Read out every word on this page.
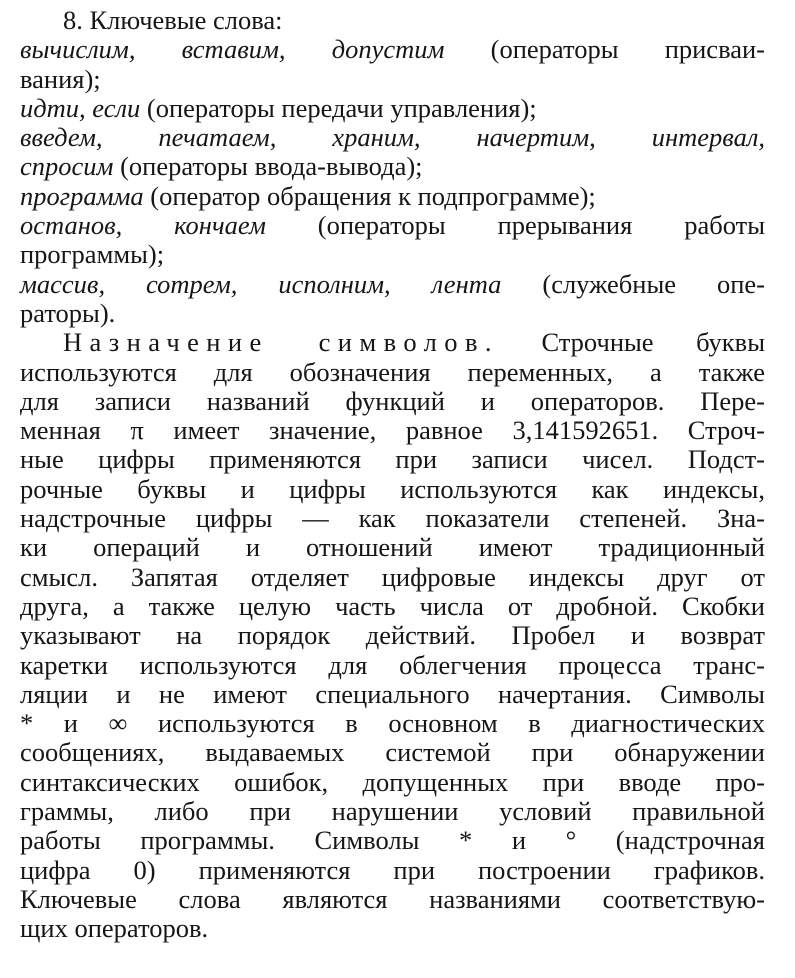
8. Ключевые слова:
вычислим, вставим, допустим (операторы присваи-
вания);
идти, если (операторы передачи управления);
введем, печатаем, храним, начертим, интервал,
спросим (операторы ввода-вывода);
программа (оператор обращения к подпрограмме);
останов, кончаем (операторы прерывания работы
программы);
массив, сотрем, исполним, лента (служебные опе-
раторы).
Назначение символов. Строчные буквы
используются для обозначения переменных, а также
для записи названий функций и операторов. Пере-
менная π имеет значение, равное 3,141592651. Строч-
ные цифры применяются при записи чисел. Подст-
рочные буквы и цифры используются как индексы,
надстрочные цифры — как показатели степеней. Зна-
ки операций и отношений имеют традиционный
смысл. Запятая отделяет цифровые индексы друг от
друга, а также целую часть числа от дробной. Скобки
указывают на порядок действий. Пробел и возврат
каретки используются для облегчения процесса транс-
ляции и не имеют специального начертания. Символы
* и ∞ используются в основном в диагностических
сообщениях, выдаваемых системой при обнаружении
синтаксических ошибок, допущенных при вводе про-
граммы, либо при нарушении условий правильной
работы программы. Символы * и ° (надстрочная
цифра 0) применяются при построении графиков.
Ключевые слова являются названиями соответствую-
щих операторов.
